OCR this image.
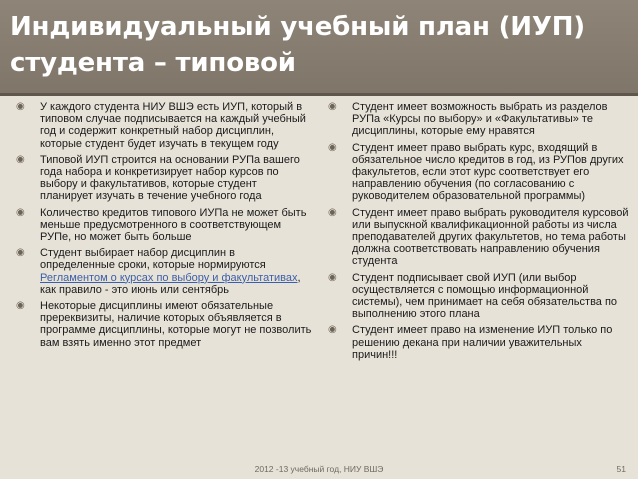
Индивидуальный учебный план (ИУП)
студента – типовой
◉ У каждого студента НИУ ВШЭ есть ИУП, который в типовом случае подписывается на каждый учебный год и содержит конкретный набор дисциплин, которые студент будет изучать в текущем году
◉ Типовой ИУП строится на основании РУПа вашего года набора и конкретизирует набор курсов по выбору и факультативов, которые студент планирует изучать в течение учебного года
◉ Количество кредитов типового ИУПа не может быть меньше предусмотренного в соответствующем РУПе, но может быть больше
◉ Студент выбирает набор дисциплин в определенные сроки, которые нормируются Регламентом о курсах по выбору и факультативах, как правило - это июнь или сентябрь
◉ Некоторые дисциплины имеют обязательные пререквизиты, наличие которых объявляется в программе дисциплины, которые могут не позволить вам взять именно этот предмет
◉ Студент имеет возможность выбрать из разделов РУПа «Курсы по выбору» и «Факультативы» те дисциплины, которые ему нравятся
◉ Студент имеет право выбрать курс, входящий в обязательное число кредитов в год, из РУПов других факультетов, если этот курс соответствует его направлению обучения (по согласованию с руководителем образовательной программы)
◉ Студент имеет право выбрать руководителя курсовой или выпускной квалификационной работы из числа преподавателей других факультетов, но тема работы должна соответствовать направлению обучения студента
◉ Студент подписывает свой ИУП (или выбор осуществляется с помощью информационной системы), чем принимает на себя обязательства по выполнению этого плана
◉ Студент имеет право на изменение ИУП только по решению декана при наличии уважительных причин!!!
2012 -13 учебный год, НИУ ВШЭ	51
